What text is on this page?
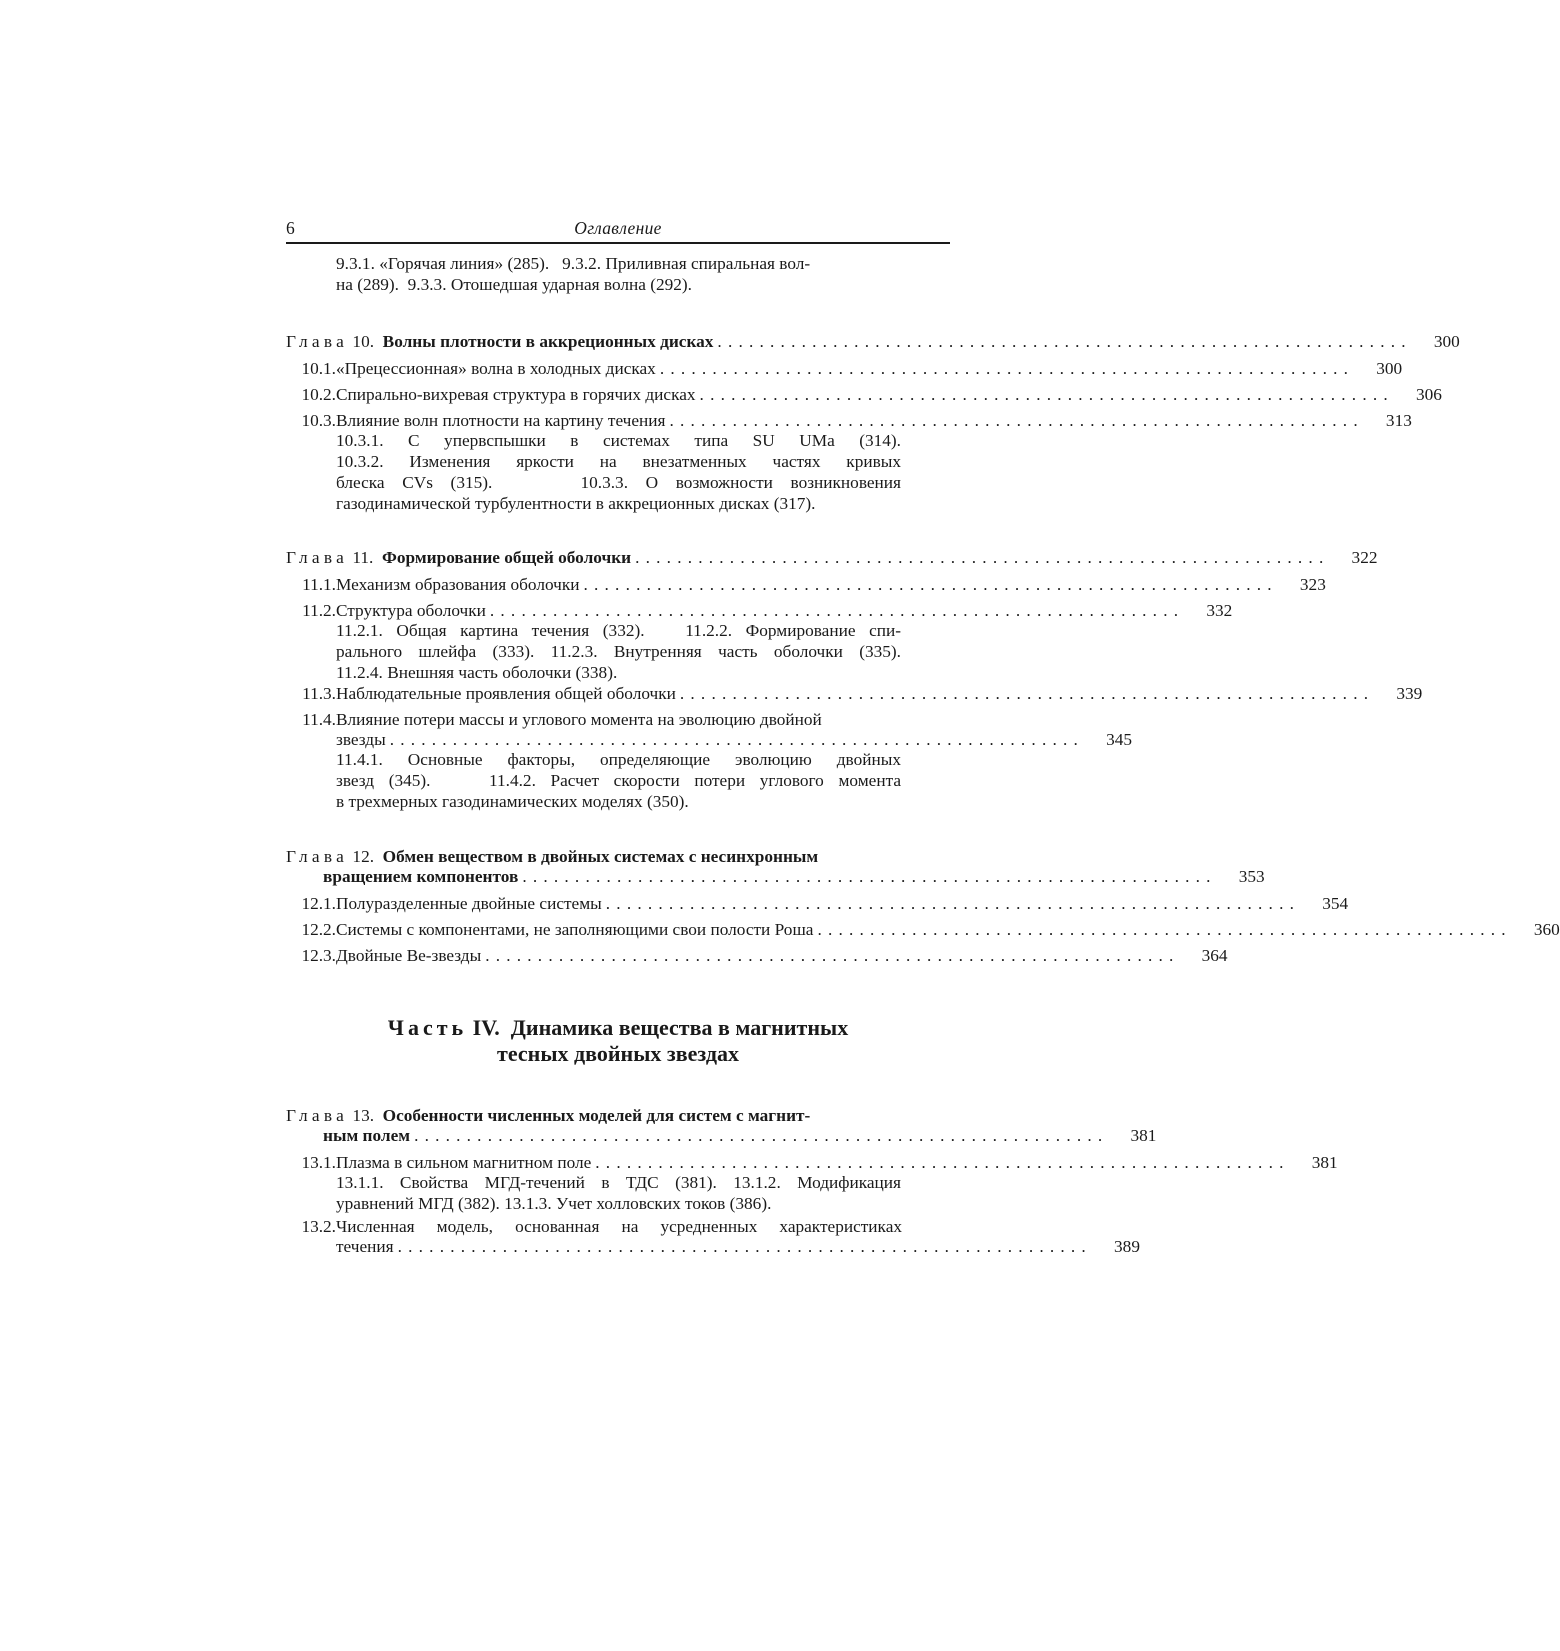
6	Оглавление
9.3.1. «Горячая линия» (285).   9.3.2. Приливная спиральная вол-
на (289).  9.3.3. Отошедшая ударная волна (292).
Глава 10. Волны плотности в аккреционных дисках .................................................................. 300
10.1. «Прецессионная» волна в холодных дисках .................................................................. 300
10.2. Спирально-вихревая структура в горячих дисках .................................................................. 306
10.3. Влияние волн плотности на картину течения .................................................................. 313
10.3.1. С упервспышки в системах типа SU UMa (314).
10.3.2. Изменения яркости на внезатменных частях кривых
блеска CVs (315).     10.3.3. О возможности возникновения
газодинамической турбулентности в аккреционных дисках (317).
Глава 11. Формирование общей оболочки .................................................................. 322
11.1. Механизм образования оболочки .................................................................. 323
11.2. Структура оболочки .................................................................. 332
11.2.1. Общая картина течения (332).   11.2.2. Формирование спи-
рального шлейфа (333). 11.2.3. Внутренняя часть оболочки (335).
11.2.4. Внешняя часть оболочки (338).
11.3. Наблюдательные проявления общей оболочки .................................................................. 339
11.4. Влияние потери массы и углового момента на эволюцию двойной
звезды .................................................................. 345
11.4.1. Основные факторы, определяющие эволюцию двойных
звезд (345).    11.4.2. Расчет скорости потери углового момента
в трехмерных газодинамических моделях (350).
Глава 12. Обмен веществом в двойных системах с несинхронным
вращением компонентов .................................................................. 353
12.1. Полуразделенные двойные системы .................................................................. 354
12.2. Системы с компонентами, не заполняющими свои полости Роша .................................................................. 360
12.3. Двойные Be-звезды .................................................................. 364
Часть IV. Динамика вещества в магнитных
тесных двойных звездах
Глава 13. Особенности численных моделей для систем с магнит-
ным полем .................................................................. 381
13.1. Плазма в сильном магнитном поле .................................................................. 381
13.1.1. Свойства МГД-течений в ТДС (381). 13.1.2. Модификация
уравнений МГД (382). 13.1.3. Учет холловских токов (386).
13.2. Численная модель, основанная на усредненных характеристиках
течения .................................................................. 389
